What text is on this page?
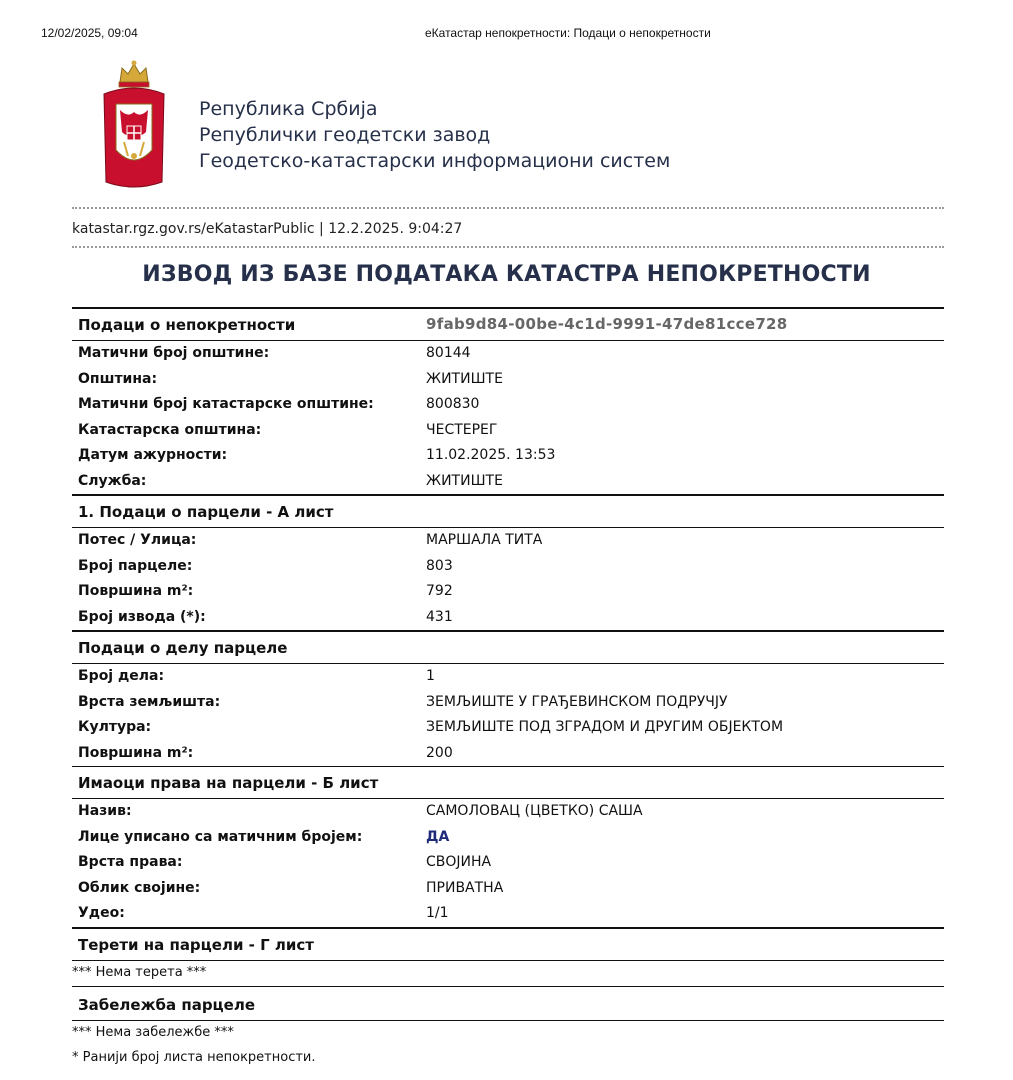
12/02/2025, 09:04	еКатастар непокретности: Подаци о непокретности
Република Србија
Републички геодетски завод
Геодетско-катастарски информациони систем
katastar.rgz.gov.rs/eKatastarPublic | 12.2.2025. 9:04:27
ИЗВОД ИЗ БАЗЕ ПОДАТАКА КАТАСТРА НЕПОКРЕТНОСТИ
Подаци о непокретности	9fab9d84-00be-4c1d-9991-47de81cce728
Матични број општине:	80144
Општина:	ЖИТИШТЕ
Матични број катастарске општине:	800830
Катастарска општина:	ЧЕСТЕРЕГ
Датум ажурности:	11.02.2025. 13:53
Служба:	ЖИТИШТЕ
1. Подаци о парцели - А лист
Потес / Улица:	МАРШАЛА ТИТА
Број парцеле:	803
Површина m²:	792
Број извода (*):	431
Подаци о делу парцеле
Број дела:	1
Врста земљишта:	ЗЕМЉИШТЕ У ГРАЂЕВИНСКОМ ПОДРУЧЈУ
Култура:	ЗЕМЉИШТЕ ПОД ЗГРАДОМ И ДРУГИМ ОБЈЕКТОМ
Површина m²:	200
Имаоци права на парцели - Б лист
Назив:	САМОЛОВАЦ (ЦВЕТКО) САША
Лице уписано са матичним бројем:	ДА
Врста права:	СВОЈИНА
Облик својине:	ПРИВАТНА
Удео:	1/1
Терети на парцели - Г лист
*** Нема терета ***
Забележба парцеле
*** Нема забележбе ***
* Ранији број листа непокретности.
